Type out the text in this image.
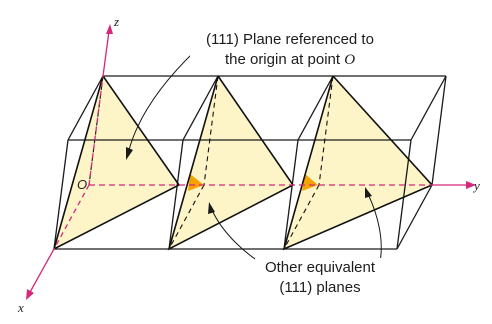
z
y
x
O
(111) Plane referenced to
the origin at point O
Other equivalent
(111) planes
